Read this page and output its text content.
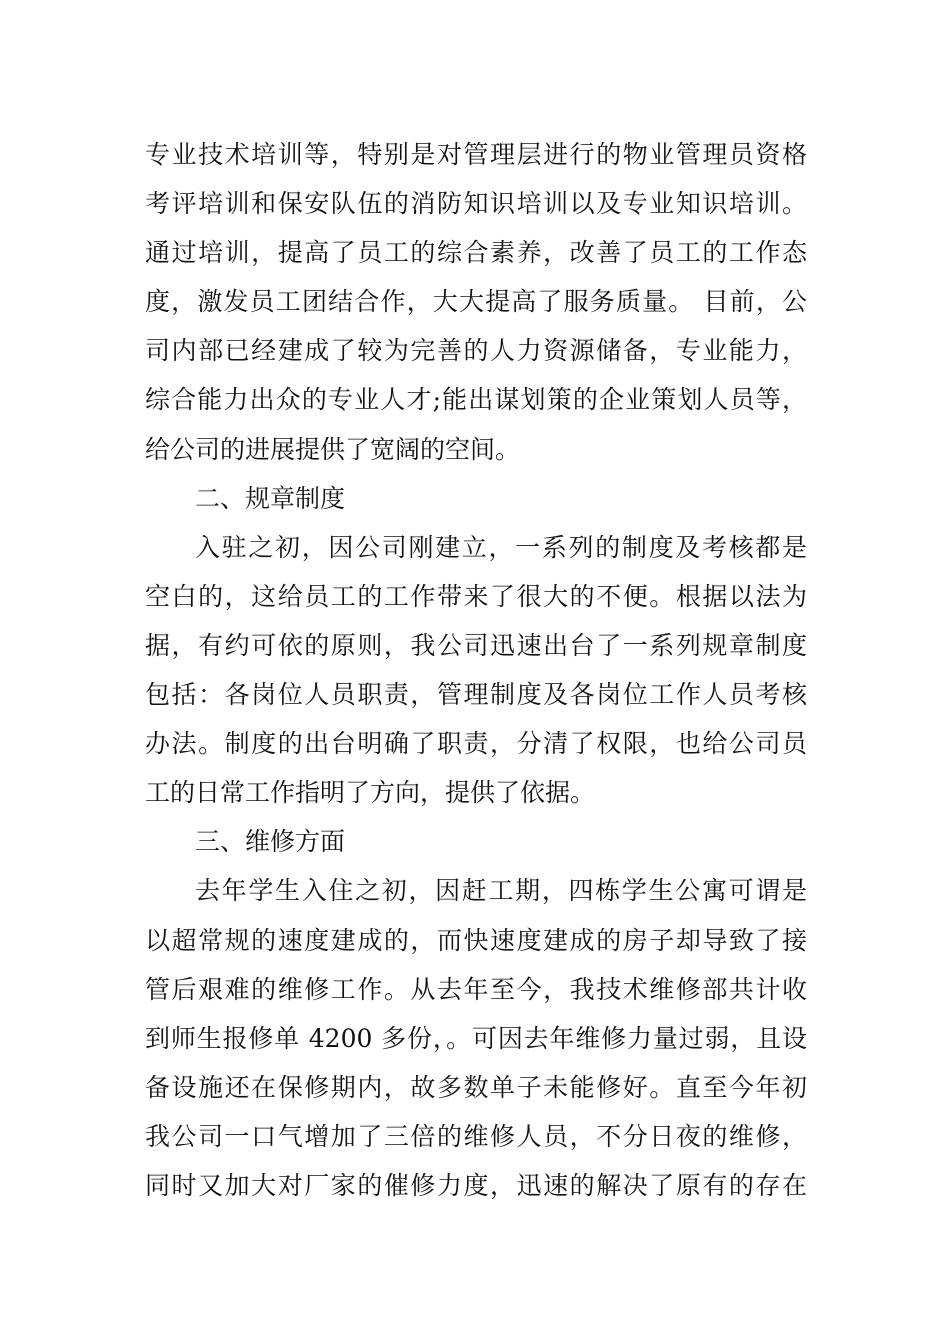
专业技术培训等，特别是对管理层进行的物业管理员资格
考评培训和保安队伍的消防知识培训以及专业知识培训。
通过培训，提高了员工的综合素养，改善了员工的工作态
度，激发员工团结合作，大大提高了服务质量。 目前，公
司内部已经建成了较为完善的人力资源储备，专业能力，
综合能力出众的专业人才;能出谋划策的企业策划人员等，
给公司的进展提供了宽阔的空间。
二、规章制度
入驻之初，因公司刚建立，一系列的制度及考核都是
空白的，这给员工的工作带来了很大的不便。根据以法为
据，有约可依的原则，我公司迅速出台了一系列规章制度
包括：各岗位人员职责，管理制度及各岗位工作人员考核
办法。制度的出台明确了职责，分清了权限，也给公司员
工的日常工作指明了方向，提供了依据。
三、维修方面
去年学生入住之初，因赶工期，四栋学生公寓可谓是
以超常规的速度建成的，而快速度建成的房子却导致了接
管后艰难的维修工作。从去年至今，我技术维修部共计收
到师生报修单 4200 多份，。可因去年维修力量过弱，且设
备设施还在保修期内，故多数单子未能修好。直至今年初
我公司一口气增加了三倍的维修人员，不分日夜的维修，
同时又加大对厂家的催修力度，迅速的解决了原有的存在
